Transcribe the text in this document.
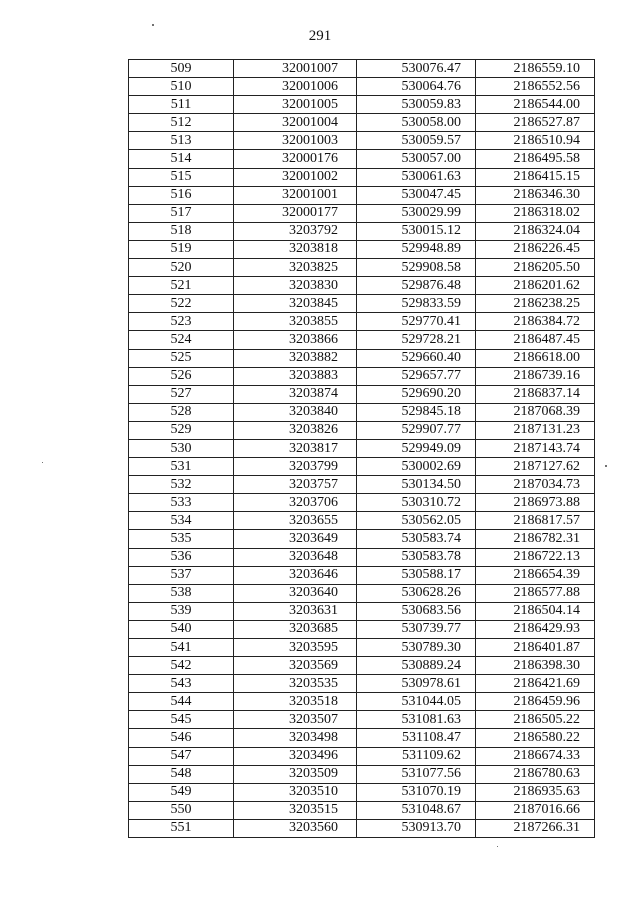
291
509	32001007	530076.47	2186559.10
510	32001006	530064.76	2186552.56
511	32001005	530059.83	2186544.00
512	32001004	530058.00	2186527.87
513	32001003	530059.57	2186510.94
514	32000176	530057.00	2186495.58
515	32001002	530061.63	2186415.15
516	32001001	530047.45	2186346.30
517	32000177	530029.99	2186318.02
518	3203792	530015.12	2186324.04
519	3203818	529948.89	2186226.45
520	3203825	529908.58	2186205.50
521	3203830	529876.48	2186201.62
522	3203845	529833.59	2186238.25
523	3203855	529770.41	2186384.72
524	3203866	529728.21	2186487.45
525	3203882	529660.40	2186618.00
526	3203883	529657.77	2186739.16
527	3203874	529690.20	2186837.14
528	3203840	529845.18	2187068.39
529	3203826	529907.77	2187131.23
530	3203817	529949.09	2187143.74
531	3203799	530002.69	2187127.62
532	3203757	530134.50	2187034.73
533	3203706	530310.72	2186973.88
534	3203655	530562.05	2186817.57
535	3203649	530583.74	2186782.31
536	3203648	530583.78	2186722.13
537	3203646	530588.17	2186654.39
538	3203640	530628.26	2186577.88
539	3203631	530683.56	2186504.14
540	3203685	530739.77	2186429.93
541	3203595	530789.30	2186401.87
542	3203569	530889.24	2186398.30
543	3203535	530978.61	2186421.69
544	3203518	531044.05	2186459.96
545	3203507	531081.63	2186505.22
546	3203498	531108.47	2186580.22
547	3203496	531109.62	2186674.33
548	3203509	531077.56	2186780.63
549	3203510	531070.19	2186935.63
550	3203515	531048.67	2187016.66
551	3203560	530913.70	2187266.31
